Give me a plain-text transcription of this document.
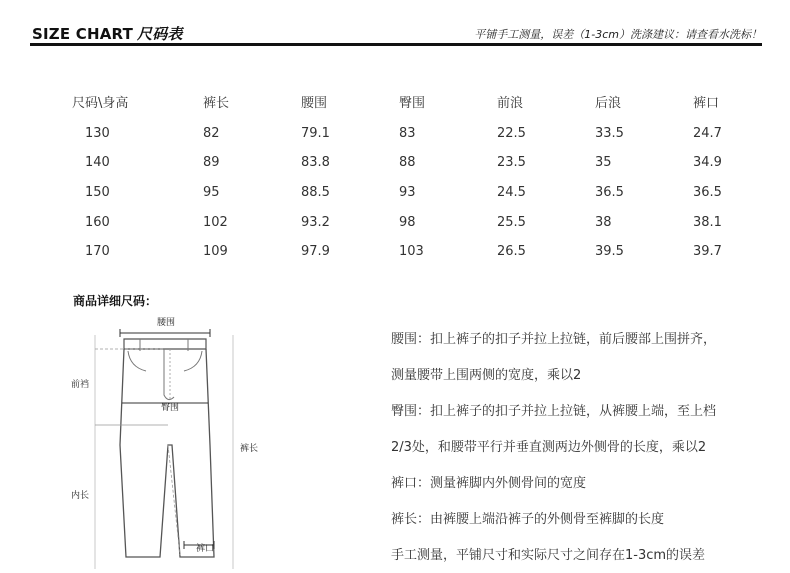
SIZE CHART 尺码表	平铺手工测量，误差（1-3cm）洗涤建议：请查看水洗标！
尺码\身高	裤长	腰围	臀围	前浪	后浪	裤口
130	82	79.1	83	22.5	33.5	24.7
140	89	83.8	88	23.5	35	34.9
150	95	88.5	93	24.5	36.5	36.5
160	102	93.2	98	25.5	38	38.1
170	109	97.9	103	26.5	39.5	39.7
商品详细尺码：
腰围
前裆
臀围
裤长
内长
裤口
腰围：扣上裤子的扣子并拉上拉链，前后腰部上围拼齐，
测量腰带上围两侧的宽度，乘以2
臀围：扣上裤子的扣子并拉上拉链，从裤腰上端，至上档
2/3处，和腰带平行并垂直测两边外侧骨的长度，乘以2
裤口：测量裤脚内外侧骨间的宽度
裤长：由裤腰上端沿裤子的外侧骨至裤脚的长度
手工测量，平铺尺寸和实际尺寸之间存在1-3cm的误差
